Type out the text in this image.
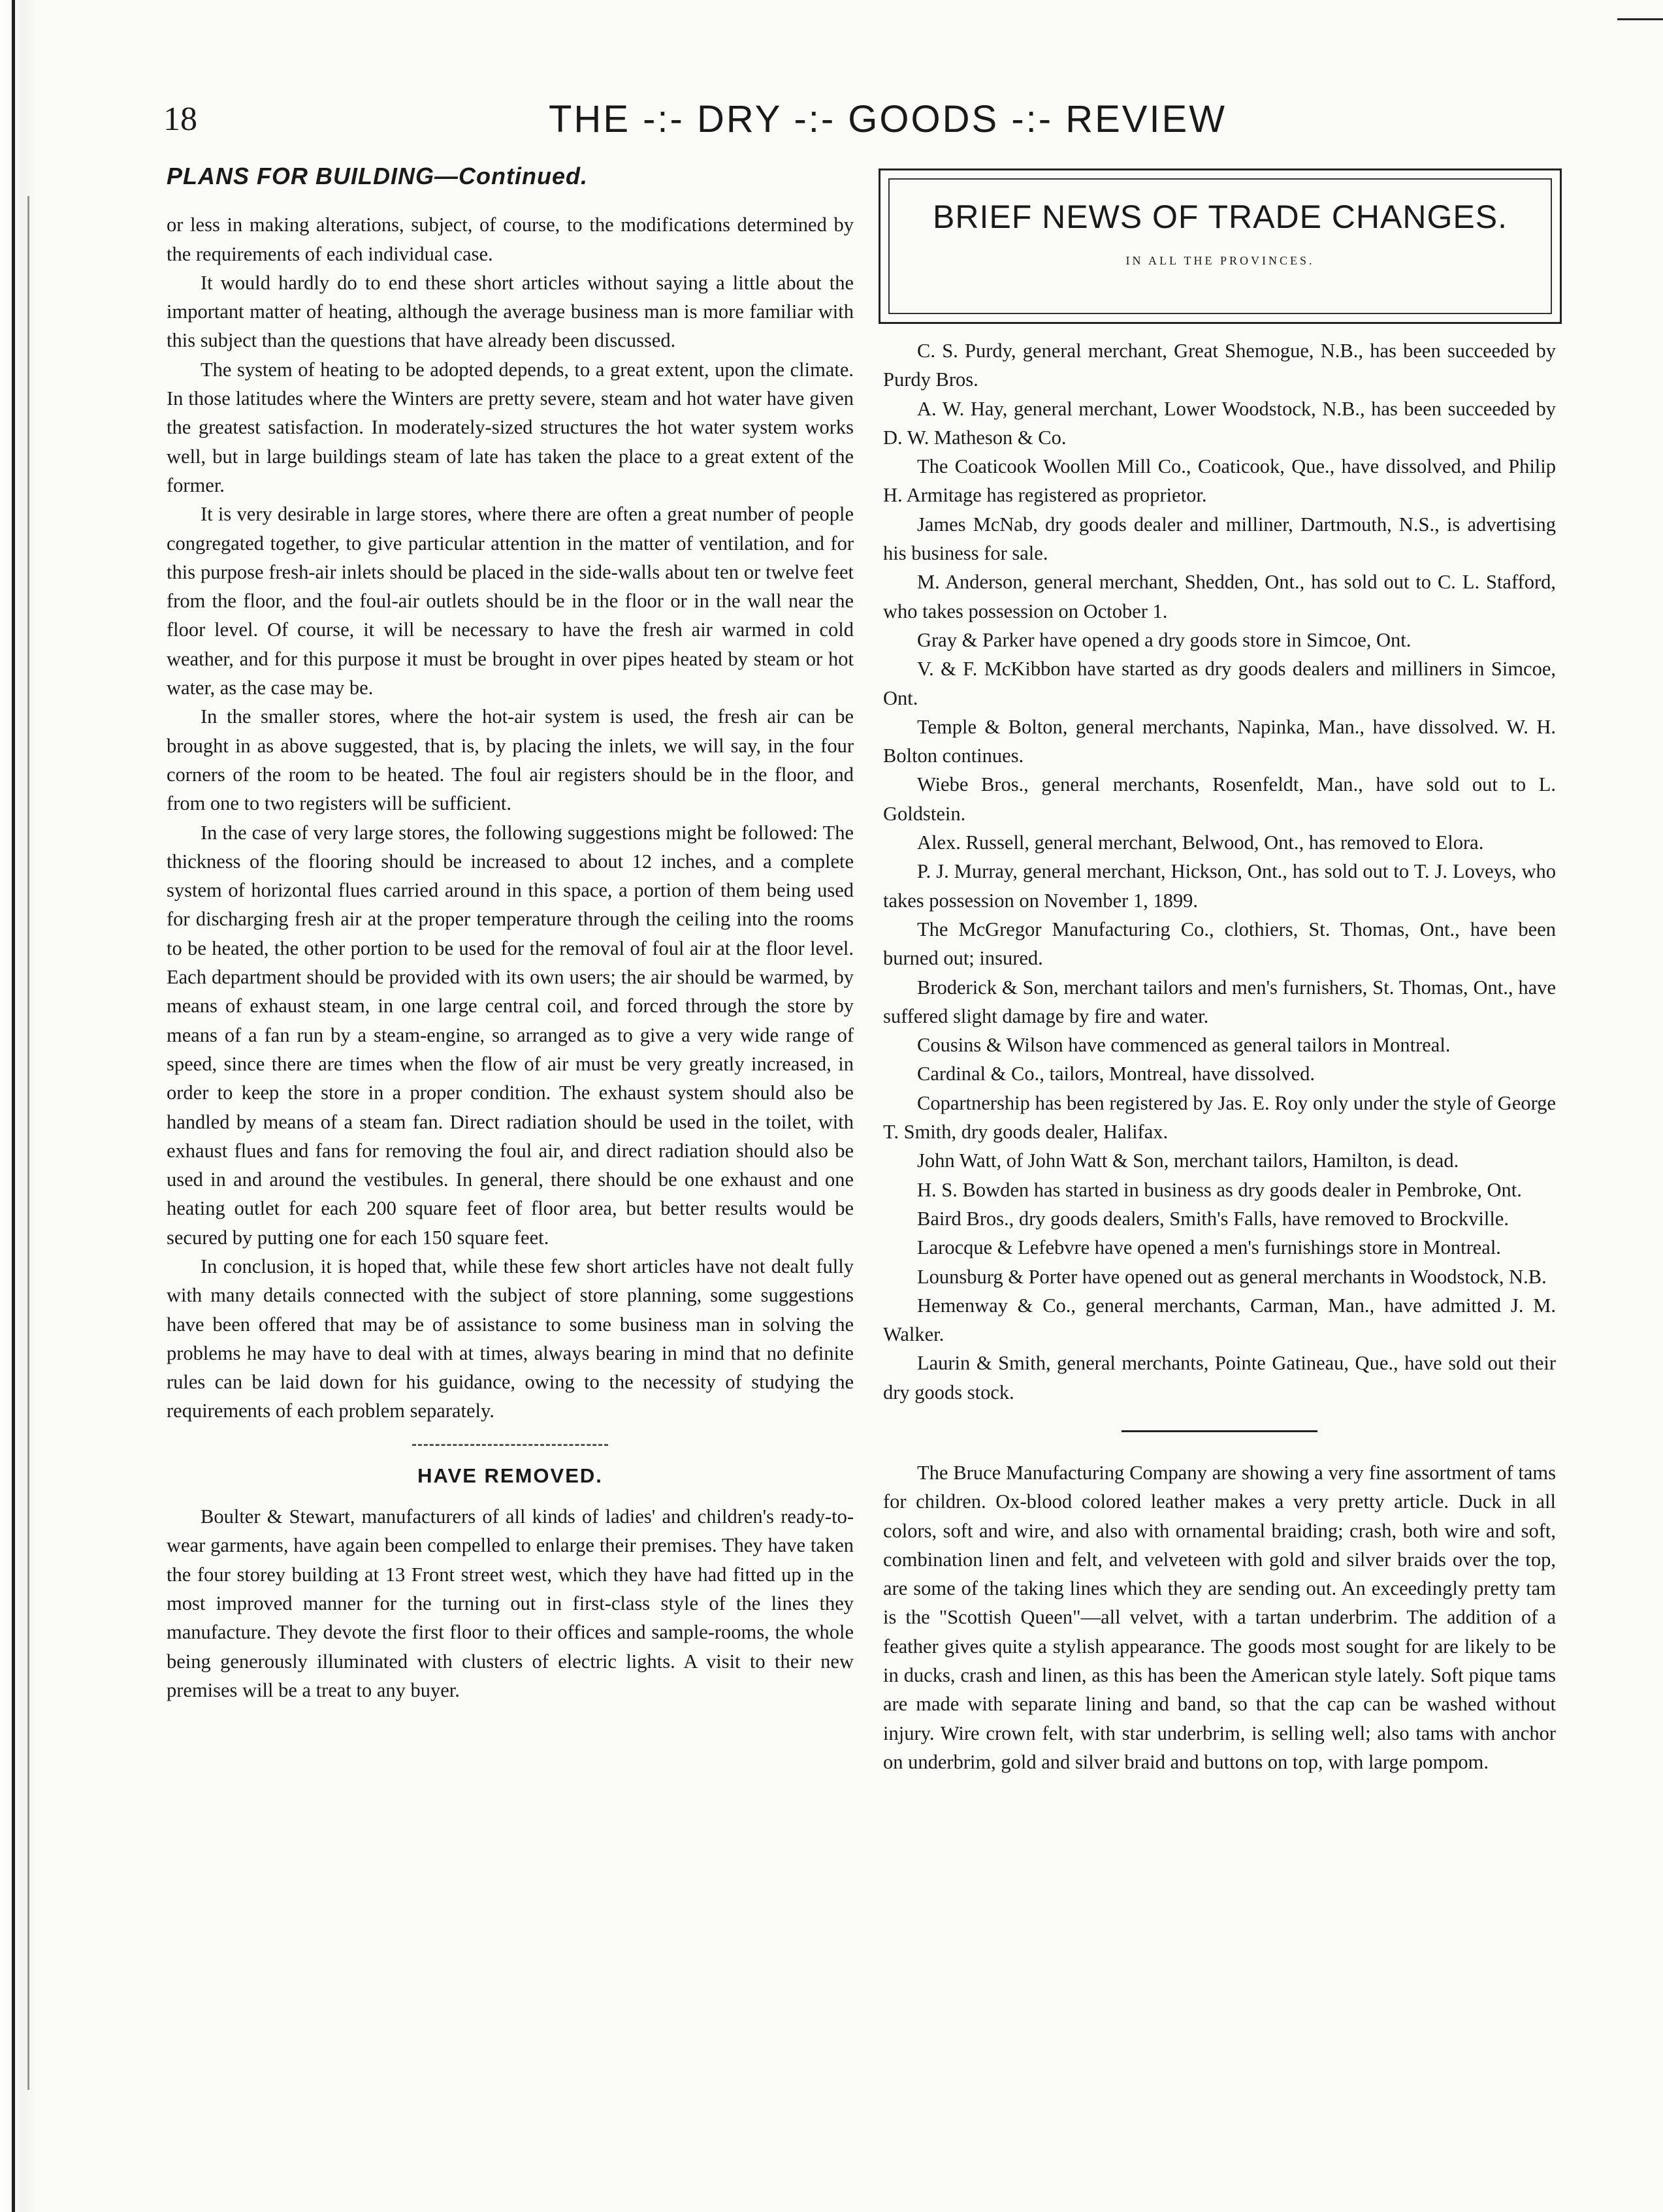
18	THE -:- DRY -:- GOODS -:- REVIEW
PLANS FOR BUILDING—Continued.

or less in making alterations, subject, of course, to the modifications determined by the requirements of each individual case.

It would hardly do to end these short articles without saying a little about the important matter of heating, although the average business man is more familiar with this subject than the questions that have already been discussed.

The system of heating to be adopted depends, to a great extent, upon the climate. In those latitudes where the Winters are pretty severe, steam and hot water have given the greatest satisfaction. In moderately-sized structures the hot water system works well, but in large buildings steam of late has taken the place to a great extent of the former.

It is very desirable in large stores, where there are often a great number of people congregated together, to give particular attention in the matter of ventilation, and for this purpose fresh-air inlets should be placed in the side-walls about ten or twelve feet from the floor, and the foul-air outlets should be in the floor or in the wall near the floor level. Of course, it will be necessary to have the fresh air warmed in cold weather, and for this purpose it must be brought in over pipes heated by steam or hot water, as the case may be.

In the smaller stores, where the hot-air system is used, the fresh air can be brought in as above suggested, that is, by placing the inlets, we will say, in the four corners of the room to be heated. The foul air registers should be in the floor, and from one to two registers will be sufficient.

In the case of very large stores, the following suggestions might be followed: The thickness of the flooring should be increased to about 12 inches, and a complete system of horizontal flues carried around in this space, a portion of them being used for discharging fresh air at the proper temperature through the ceiling into the rooms to be heated, the other portion to be used for the removal of foul air at the floor level. Each department should be provided with its own users; the air should be warmed, by means of exhaust steam, in one large central coil, and forced through the store by means of a fan run by a steam-engine, so arranged as to give a very wide range of speed, since there are times when the flow of air must be very greatly increased, in order to keep the store in a proper condition. The exhaust system should also be handled by means of a steam fan. Direct radiation should be used in the toilet, with exhaust flues and fans for removing the foul air, and direct radiation should also be used in and around the vestibules. In general, there should be one exhaust and one heating outlet for each 200 square feet of floor area, but better results would be secured by putting one for each 150 square feet.

In conclusion, it is hoped that, while these few short articles have not dealt fully with many details connected with the subject of store planning, some suggestions have been offered that may be of assistance to some business man in solving the problems he may have to deal with at times, always bearing in mind that no definite rules can be laid down for his guidance, owing to the necessity of studying the requirements of each problem separately.

HAVE REMOVED.

Boulter & Stewart, manufacturers of all kinds of ladies' and children's ready-to-wear garments, have again been compelled to enlarge their premises. They have taken the four storey building at 13 Front street west, which they have had fitted up in the most improved manner for the turning out in first-class style of the lines they manufacture. They devote the first floor to their offices and sample-rooms, the whole being generously illuminated with clusters of electric lights. A visit to their new premises will be a treat to any buyer.

BRIEF NEWS OF TRADE CHANGES.
IN ALL THE PROVINCES.

C. S. Purdy, general merchant, Great Shemogue, N.B., has been succeeded by Purdy Bros.

A. W. Hay, general merchant, Lower Woodstock, N.B., has been succeeded by D. W. Matheson & Co.

The Coaticook Woollen Mill Co., Coaticook, Que., have dissolved, and Philip H. Armitage has registered as proprietor.

James McNab, dry goods dealer and milliner, Dartmouth, N.S., is advertising his business for sale.

M. Anderson, general merchant, Shedden, Ont., has sold out to C. L. Stafford, who takes possession on October 1.

Gray & Parker have opened a dry goods store in Simcoe, Ont.

V. & F. McKibbon have started as dry goods dealers and milliners in Simcoe, Ont.

Temple & Bolton, general merchants, Napinka, Man., have dissolved. W. H. Bolton continues.

Wiebe Bros., general merchants, Rosenfeldt, Man., have sold out to L. Goldstein.

Alex. Russell, general merchant, Belwood, Ont., has removed to Elora.

P. J. Murray, general merchant, Hickson, Ont., has sold out to T. J. Loveys, who takes possession on November 1, 1899.

The McGregor Manufacturing Co., clothiers, St. Thomas, Ont., have been burned out; insured.

Broderick & Son, merchant tailors and men's furnishers, St. Thomas, Ont., have suffered slight damage by fire and water.

Cousins & Wilson have commenced as general tailors in Montreal.

Cardinal & Co., tailors, Montreal, have dissolved.

Copartnership has been registered by Jas. E. Roy only under the style of George T. Smith, dry goods dealer, Halifax.

John Watt, of John Watt & Son, merchant tailors, Hamilton, is dead.

H. S. Bowden has started in business as dry goods dealer in Pembroke, Ont.

Baird Bros., dry goods dealers, Smith's Falls, have removed to Brockville.

Larocque & Lefebvre have opened a men's furnishings store in Montreal.

Lounsburg & Porter have opened out as general merchants in Woodstock, N.B.

Hemenway & Co., general merchants, Carman, Man., have admitted J. M. Walker.

Laurin & Smith, general merchants, Pointe Gatineau, Que., have sold out their dry goods stock.

The Bruce Manufacturing Company are showing a very fine assortment of tams for children. Ox-blood colored leather makes a very pretty article. Duck in all colors, soft and wire, and also with ornamental braiding; crash, both wire and soft, combination linen and felt, and velveteen with gold and silver braids over the top, are some of the taking lines which they are sending out. An exceedingly pretty tam is the "Scottish Queen"—all velvet, with a tartan underbrim. The addition of a feather gives quite a stylish appearance. The goods most sought for are likely to be in ducks, crash and linen, as this has been the American style lately. Soft pique tams are made with separate lining and band, so that the cap can be washed without injury. Wire crown felt, with star underbrim, is selling well; also tams with anchor on underbrim, gold and silver braid and buttons on top, with large pompom.
